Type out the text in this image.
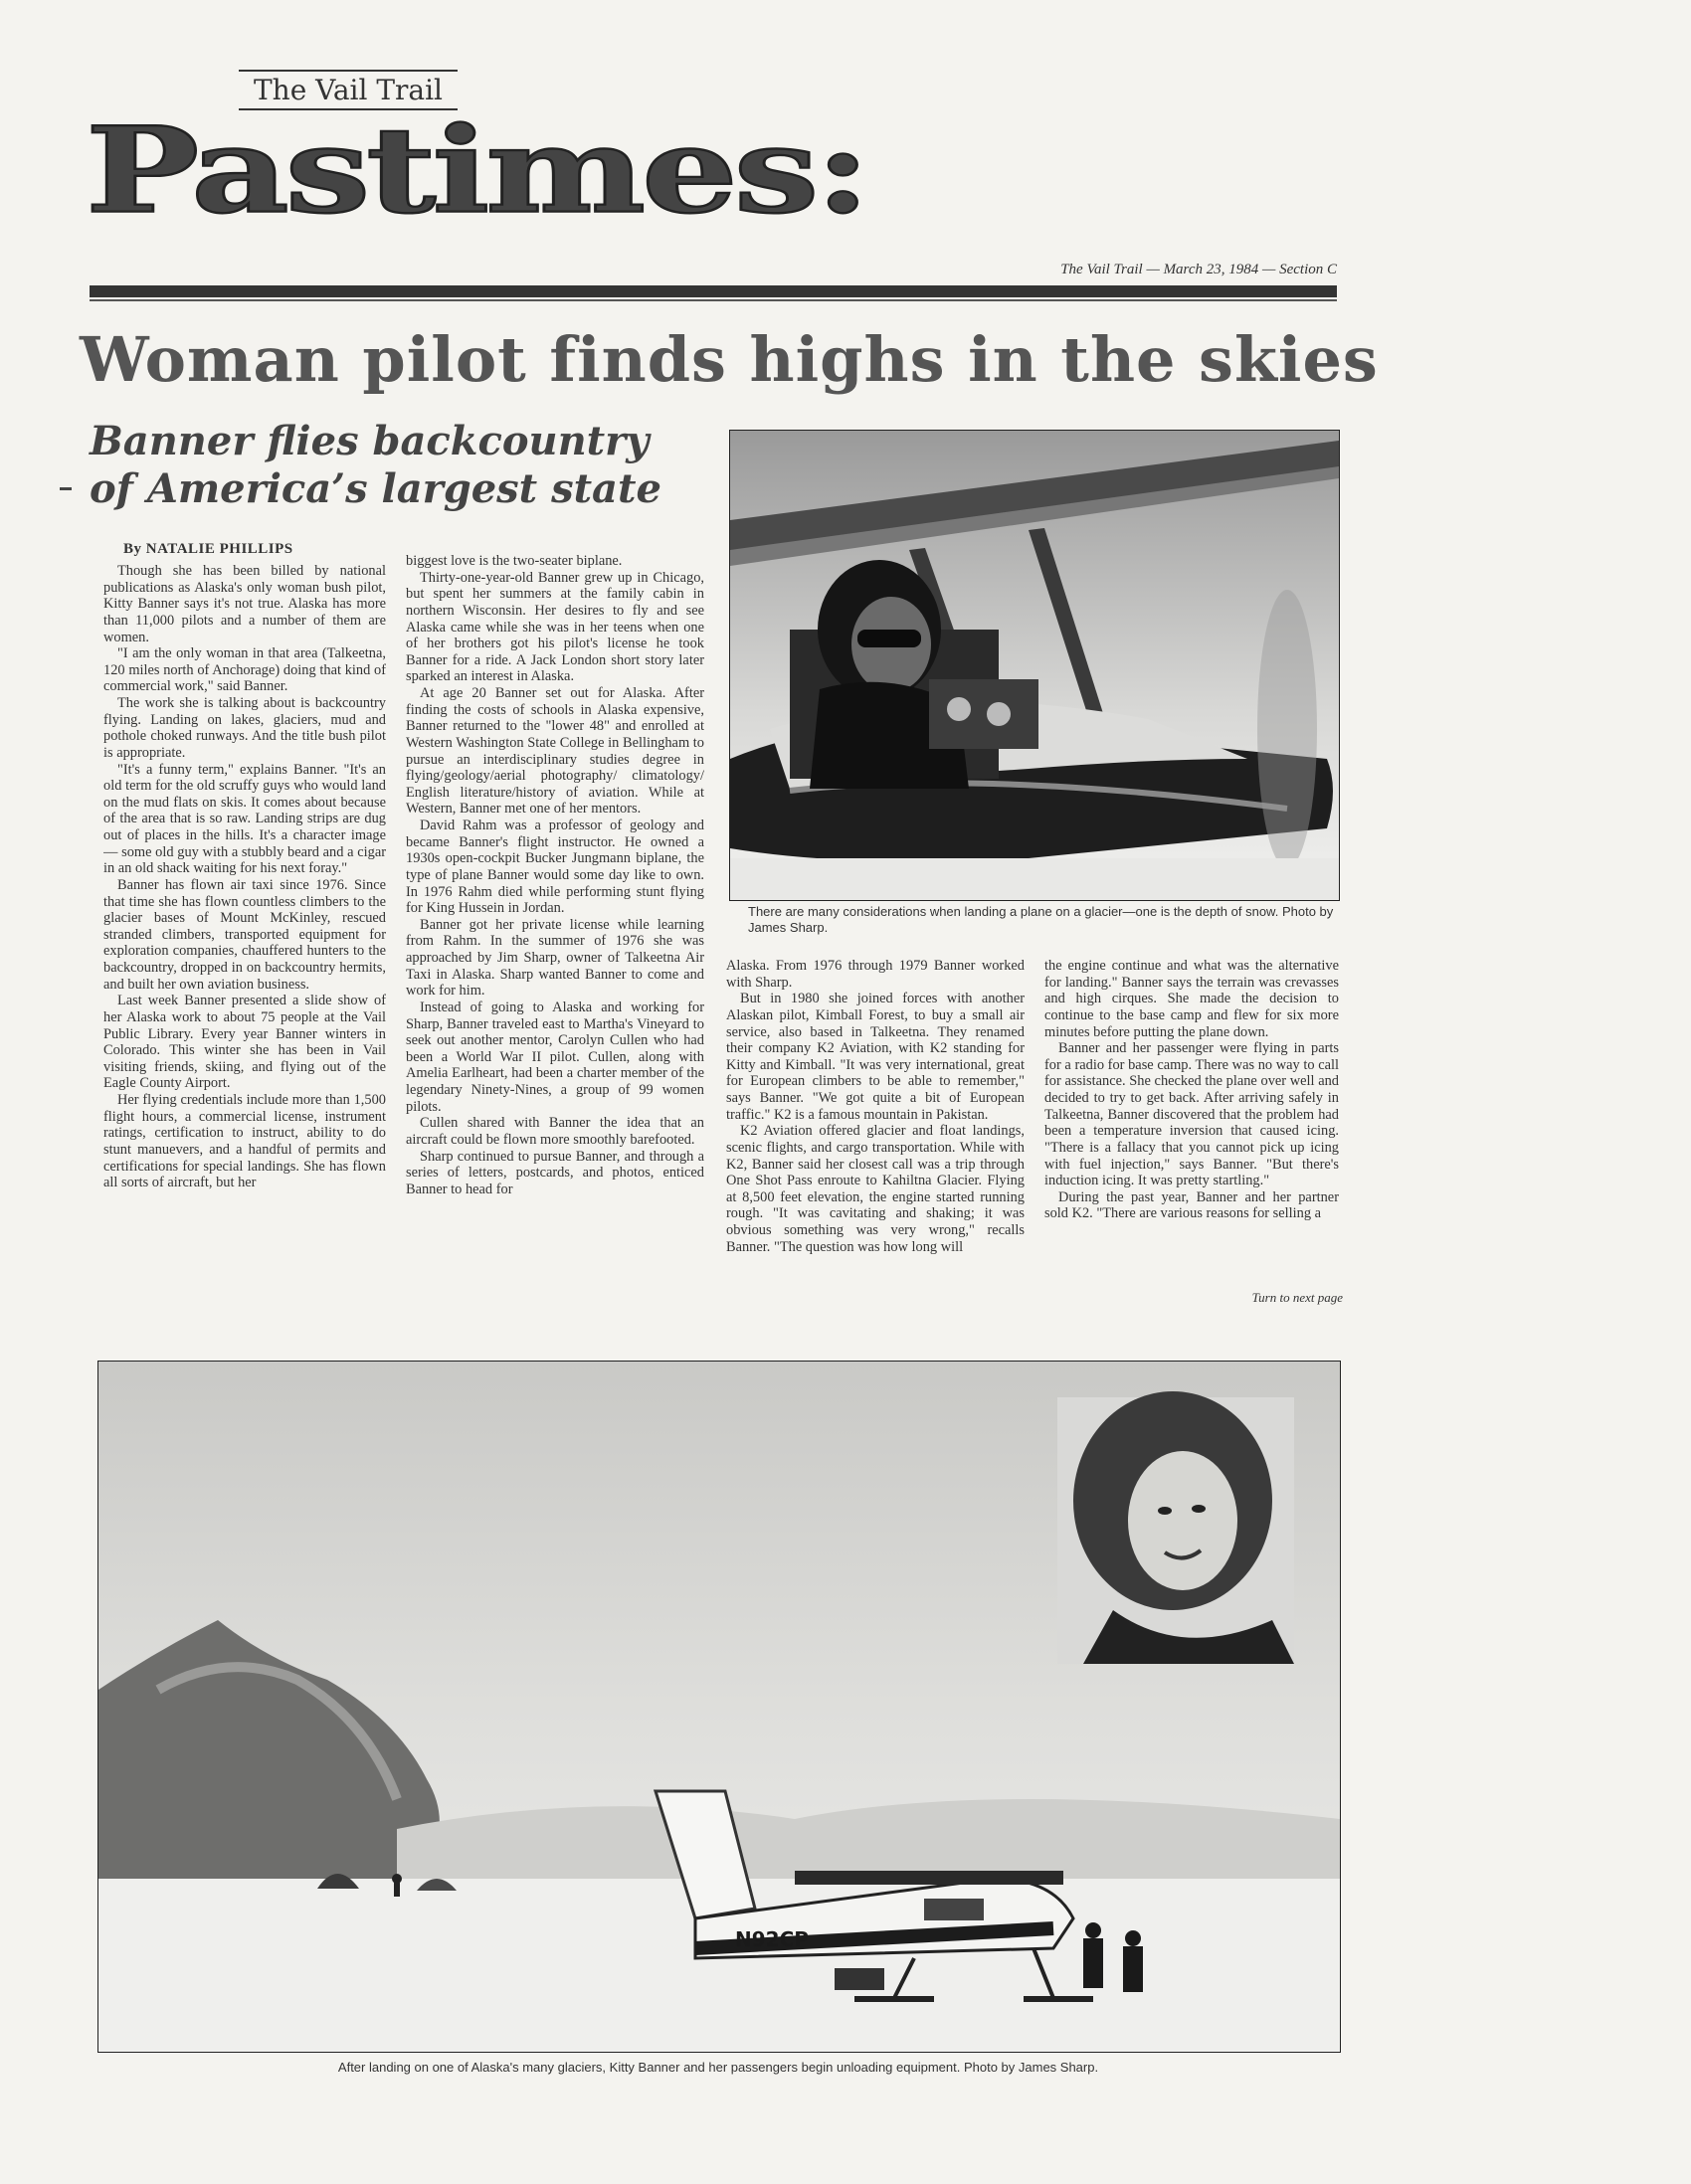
The Vail Trail
Pastimes:
The Vail Trail — March 23, 1984 — Section C
Woman pilot finds highs in the skies
Banner flies backcountry
of America’s largest state
By NATALIE PHILLIPS

Though she has been billed by national publications as Alaska's only woman bush pilot, Kitty Banner says it's not true. Alaska has more than 11,000 pilots and a number of them are women.

"I am the only woman in that area (Talkeetna, 120 miles north of Anchorage) doing that kind of commercial work," said Banner.

The work she is talking about is backcountry flying. Landing on lakes, glaciers, mud and pothole choked runways. And the title bush pilot is appropriate.

"It's a funny term," explains Banner. "It's an old term for the old scruffy guys who would land on the mud flats on skis. It comes about because of the area that is so raw. Landing strips are dug out of places in the hills. It's a character image — some old guy with a stubbly beard and a cigar in an old shack waiting for his next foray."

Banner has flown air taxi since 1976. Since that time she has flown countless climbers to the glacier bases of Mount McKinley, rescued stranded climbers, transported equipment for exploration companies, chauffered hunters to the backcountry, dropped in on backcountry hermits, and built her own aviation business.

Last week Banner presented a slide show of her Alaska work to about 75 people at the Vail Public Library. Every year Banner winters in Colorado. This winter she has been in Vail visiting friends, skiing, and flying out of the Eagle County Airport.

Her flying credentials include more than 1,500 flight hours, a commercial license, instrument ratings, certification to instruct, ability to do stunt manuevers, and a handful of permits and certifications for special landings. She has flown all sorts of aircraft, but her

biggest love is the two-seater biplane.

Thirty-one-year-old Banner grew up in Chicago, but spent her summers at the family cabin in northern Wisconsin. Her desires to fly and see Alaska came while she was in her teens when one of her brothers got his pilot's license he took Banner for a ride. A Jack London short story later sparked an interest in Alaska.

At age 20 Banner set out for Alaska. After finding the costs of schools in Alaska expensive, Banner returned to the "lower 48" and enrolled at Western Washington State College in Bellingham to pursue an interdisciplinary studies degree in flying/geology/aerial photography/ climatology/ English literature/history of aviation. While at Western, Banner met one of her mentors.

David Rahm was a professor of geology and became Banner's flight instructor. He owned a 1930s open-cockpit Bucker Jungmann biplane, the type of plane Banner would some day like to own. In 1976 Rahm died while performing stunt flying for King Hussein in Jordan.

Banner got her private license while learning from Rahm. In the summer of 1976 she was approached by Jim Sharp, owner of Talkeetna Air Taxi in Alaska. Sharp wanted Banner to come and work for him.

Instead of going to Alaska and working for Sharp, Banner traveled east to Martha's Vineyard to seek out another mentor, Carolyn Cullen who had been a World War II pilot. Cullen, along with Amelia Earlheart, had been a charter member of the legendary Ninety-Nines, a group of 99 women pilots.

Cullen shared with Banner the idea that an aircraft could be flown more smoothly barefooted.

Sharp continued to pursue Banner, and through a series of letters, postcards, and photos, enticed Banner to head for

There are many considerations when landing a plane on a glacier—one is the depth of snow. Photo by James Sharp.

Alaska. From 1976 through 1979 Banner worked with Sharp.

But in 1980 she joined forces with another Alaskan pilot, Kimball Forest, to buy a small air service, also based in Talkeetna. They renamed their company K2 Aviation, with K2 standing for Kitty and Kimball. "It was very international, great for European climbers to be able to remember," says Banner. "We got quite a bit of European traffic." K2 is a famous mountain in Pakistan.

K2 Aviation offered glacier and float landings, scenic flights, and cargo transportation. While with K2, Banner said her closest call was a trip through One Shot Pass enroute to Kahiltna Glacier. Flying at 8,500 feet elevation, the engine started running rough. "It was cavitating and shaking; it was obvious something was very wrong," recalls Banner. "The question was how long will

the engine continue and what was the alternative for landing." Banner says the terrain was crevasses and high cirques. She made the decision to continue to the base camp and flew for six more minutes before putting the plane down.

Banner and her passenger were flying in parts for a radio for base camp. There was no way to call for assistance. She checked the plane over well and decided to try to get back. After arriving safely in Talkeetna, Banner discovered that the problem had been a temperature inversion that caused icing. "There is a fallacy that you cannot pick up icing with fuel injection," says Banner. "But there's induction icing. It was pretty startling."

During the past year, Banner and her partner sold K2. "There are various reasons for selling a

Turn to next page
N92CP
After landing on one of Alaska's many glaciers, Kitty Banner and her passengers begin unloading equipment. Photo by James Sharp.
